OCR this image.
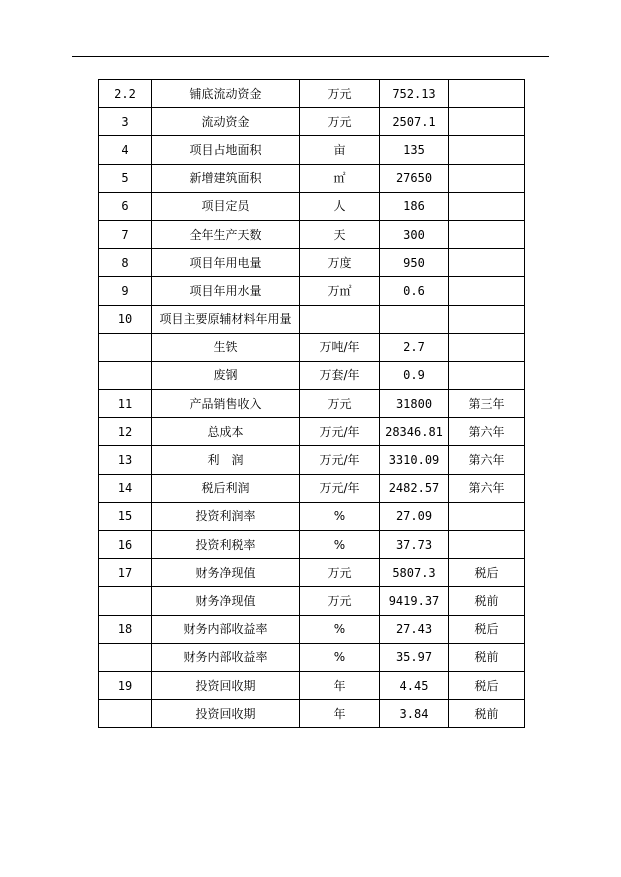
2.2	铺底流动资金	万元	752.13	
3	流动资金	万元	2507.1	
4	项目占地面积	亩	135	
5	新增建筑面积	㎡	27650	
6	项目定员	人	186	
7	全年生产天数	天	300	
8	项目年用电量	万度	950	
9	项目年用水量	万㎡	0.6	
10	项目主要原辅材料年用量			
	生铁	万吨/年	2.7	
	废钢	万套/年	0.9	
11	产品销售收入	万元	31800	第三年
12	总成本	万元/年	28346.81	第六年
13	利　润	万元/年	3310.09	第六年
14	税后利润	万元/年	2482.57	第六年
15	投资利润率	%	27.09	
16	投资利税率	%	37.73	
17	财务净现值	万元	5807.3	税后
	财务净现值	万元	9419.37	税前
18	财务内部收益率	%	27.43	税后
	财务内部收益率	%	35.97	税前
19	投资回收期	年	4.45	税后
	投资回收期	年	3.84	税前
